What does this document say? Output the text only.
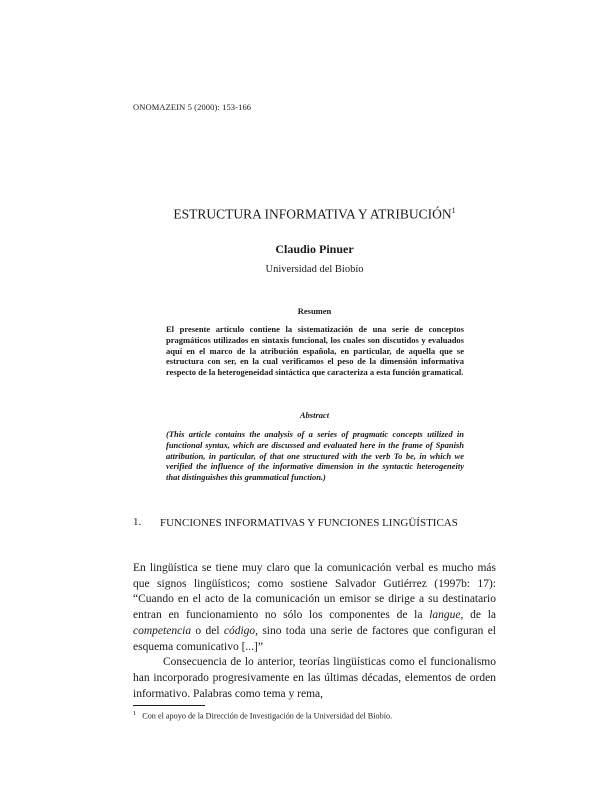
ONOMAZEIN 5 (2000): 153-166
ESTRUCTURA INFORMATIVA Y ATRIBUCIÓN$^1$
Claudio Pinuer
Universidad del Biobío
Resumen
El presente artículo contiene la sistematización de una serie de conceptos pragmáticos utilizados en sintaxis funcional, los cuales son discutidos y evaluados aquí en el marco de la atribución española, en particular, de aquella que se estructura con ser, en la cual verificamos el peso de la dimensión informativa respecto de la heterogeneidad sintáctica que caracteriza a esta función gramatical.
Abstract
(This article contains the analysis of a series of pragmatic concepts utilized in functional syntax, which are discussed and evaluated here in the frame of Spanish attribution, in particular, of that one structured with the verb To be, in which we verified the influence of the informative dimension in the syntactic heterogeneity that distinguishes this grammatical function.)
1. FUNCIONES INFORMATIVAS Y FUNCIONES LINGÜÍSTICAS

En lingüística se tiene muy claro que la comunicación verbal es mucho más que signos lingüísticos; como sostiene Salvador Gutiérrez (1997b: 17): “Cuando en el acto de la comunicación un emisor se dirige a su destinatario entran en funcionamiento no sólo los componentes de la langue, de la competencia o del código, sino toda una serie de factores que configuran el esquema comunicativo [...]”

Consecuencia de lo anterior, teorías lingüísticas como el funcionalismo han incorporado progresivamente en las últimas décadas, elementos de orden informativo. Palabras como tema y rema,

$^1$ Con el apoyo de la Dirección de Investigación de la Universidad del Biobío.
